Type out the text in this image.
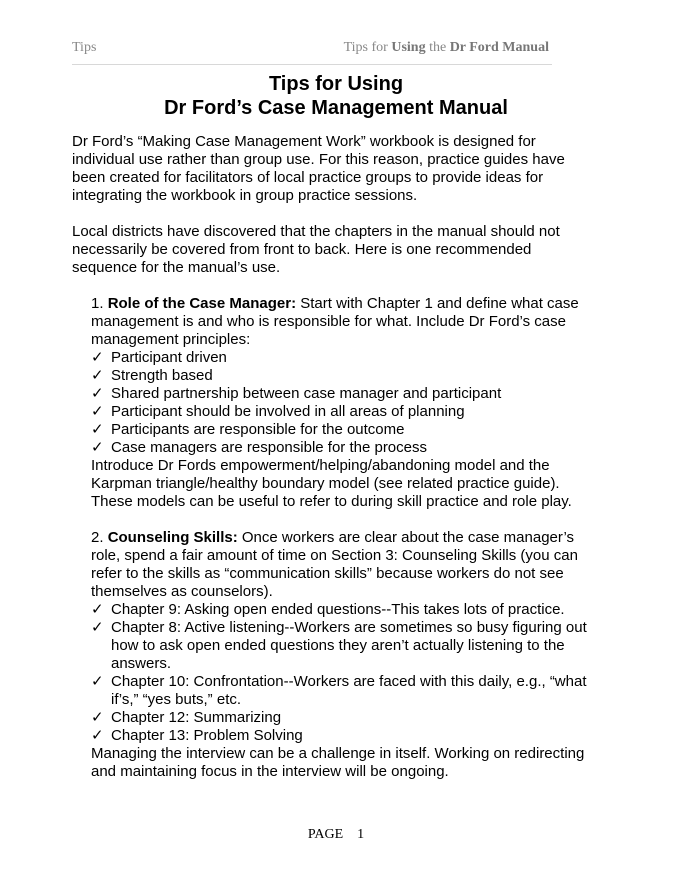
Tips	Tips for Using the Dr Ford Manual
Tips for Using
Dr Ford’s Case Management Manual

Dr Ford’s “Making Case Management Work” workbook is designed for individual use rather than group use. For this reason, practice guides have been created for facilitators of local practice groups to provide ideas for integrating the workbook in group practice sessions.

Local districts have discovered that the chapters in the manual should not necessarily be covered from front to back. Here is one recommended sequence for the manual’s use.

1. Role of the Case Manager: Start with Chapter 1 and define what case management is and who is responsible for what. Include Dr Ford’s case management principles:
✓ Participant driven
✓ Strength based
✓ Shared partnership between case manager and participant
✓ Participant should be involved in all areas of planning
✓ Participants are responsible for the outcome
✓ Case managers are responsible for the process
Introduce Dr Fords empowerment/helping/abandoning model and the Karpman triangle/healthy boundary model (see related practice guide). These models can be useful to refer to during skill practice and role play.
2. Counseling Skills: Once workers are clear about the case manager’s role, spend a fair amount of time on Section 3: Counseling Skills (you can refer to the skills as “communication skills” because workers do not see themselves as counselors).
✓ Chapter 9: Asking open ended questions--This takes lots of practice.
✓ Chapter 8: Active listening--Workers are sometimes so busy figuring out how to ask open ended questions they aren’t actually listening to the answers.
✓ Chapter 10: Confrontation--Workers are faced with this daily, e.g., “what if’s,” “yes buts,” etc.
✓ Chapter 12: Summarizing
✓ Chapter 13: Problem Solving
Managing the interview can be a challenge in itself. Working on redirecting and maintaining focus in the interview will be ongoing.
PAGE 1
